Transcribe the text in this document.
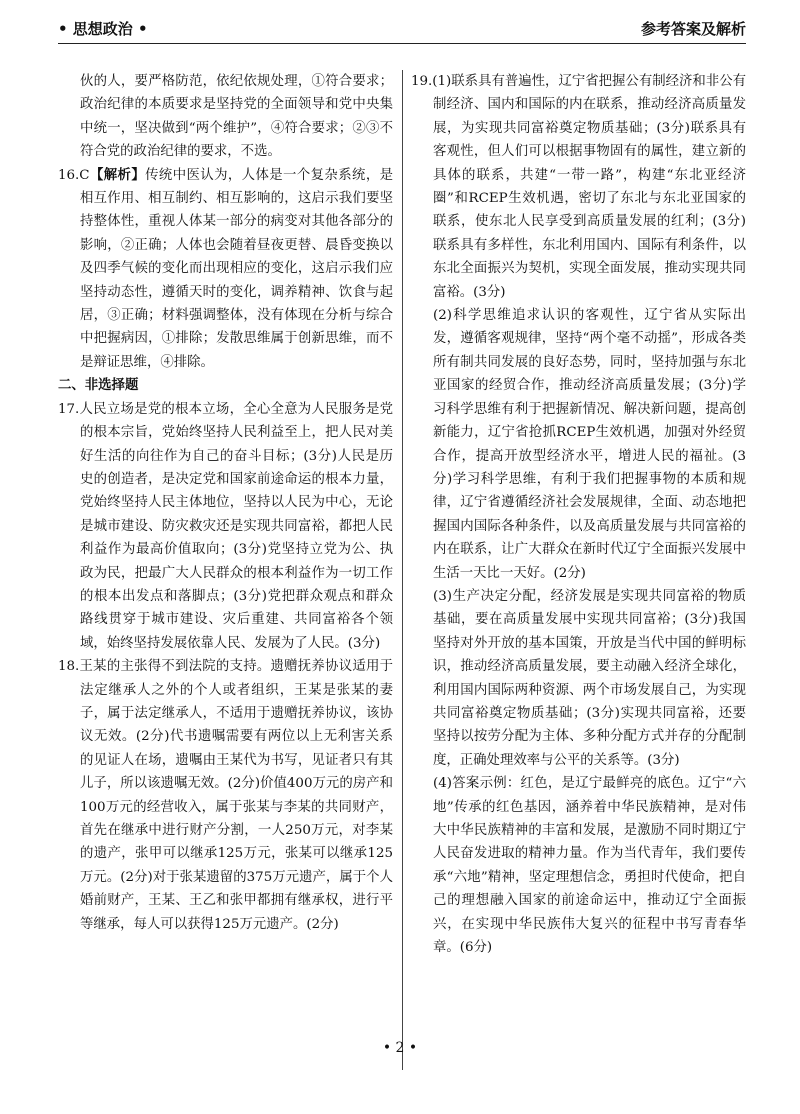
• 思想政治 •	参考答案及解析

伙的人，要严格防范，依纪依规处理，①符合要求；政治纪律的本质要求是坚持党的全面领导和党中央集中统一，坚决做到“两个维护”，④符合要求；②③不符合党的政治纪律的要求，不选。

16.C【解析】传统中医认为，人体是一个复杂系统，是相互作用、相互制约、相互影响的，这启示我们要坚持整体性，重视人体某一部分的病变对其他各部分的影响，②正确；人体也会随着昼夜更替、晨昏变换以及四季气候的变化而出现相应的变化，这启示我们应坚持动态性，遵循天时的变化，调养精神、饮食与起居，③正确；材料强调整体，没有体现在分析与综合中把握病因，①排除；发散思维属于创新思维，而不是辩证思维，④排除。

二、非选择题

17.人民立场是党的根本立场，全心全意为人民服务是党的根本宗旨，党始终坚持人民利益至上，把人民对美好生活的向往作为自己的奋斗目标；(3分)人民是历史的创造者，是决定党和国家前途命运的根本力量，党始终坚持人民主体地位，坚持以人民为中心，无论是城市建设、防灾救灾还是实现共同富裕，都把人民利益作为最高价值取向；(3分)党坚持立党为公、执政为民，把最广大人民群众的根本利益作为一切工作的根本出发点和落脚点；(3分)党把群众观点和群众路线贯穿于城市建设、灾后重建、共同富裕各个领域，始终坚持发展依靠人民、发展为了人民。(3分)

18.王某的主张得不到法院的支持。遗赠抚养协议适用于法定继承人之外的个人或者组织，王某是张某的妻子，属于法定继承人，不适用于遗赠抚养协议，该协议无效。(2分)代书遗嘱需要有两位以上无利害关系的见证人在场，遗嘱由王某代为书写，见证者只有其儿子，所以该遗嘱无效。(2分)价值400万元的房产和100万元的经营收入，属于张某与李某的共同财产，首先在继承中进行财产分割，一人250万元，对李某的遗产，张甲可以继承125万元，张某可以继承125万元。(2分)对于张某遗留的375万元遗产，属于个人婚前财产，王某、王乙和张甲都拥有继承权，进行平等继承，每人可以获得125万元遗产。(2分)

19.(1)联系具有普遍性，辽宁省把握公有制经济和非公有制经济、国内和国际的内在联系，推动经济高质量发展，为实现共同富裕奠定物质基础；(3分)联系具有客观性，但人们可以根据事物固有的属性，建立新的具体的联系，共建“一带一路”，构建“东北亚经济圈”和RCEP生效机遇，密切了东北与东北亚国家的联系，使东北人民享受到高质量发展的红利；(3分)联系具有多样性，东北利用国内、国际有利条件，以东北全面振兴为契机，实现全面发展，推动实现共同富裕。(3分)

(2)科学思维追求认识的客观性，辽宁省从实际出发，遵循客观规律，坚持“两个毫不动摇”，形成各类所有制共同发展的良好态势，同时，坚持加强与东北亚国家的经贸合作，推动经济高质量发展；(3分)学习科学思维有利于把握新情况、解决新问题，提高创新能力，辽宁省抢抓RCEP生效机遇，加强对外经贸合作，提高开放型经济水平，增进人民的福祉。(3分)学习科学思维，有利于我们把握事物的本质和规律，辽宁省遵循经济社会发展规律，全面、动态地把握国内国际各种条件，以及高质量发展与共同富裕的内在联系，让广大群众在新时代辽宁全面振兴发展中生活一天比一天好。(2分)

(3)生产决定分配，经济发展是实现共同富裕的物质基础，要在高质量发展中实现共同富裕；(3分)我国坚持对外开放的基本国策，开放是当代中国的鲜明标识，推动经济高质量发展，要主动融入经济全球化，利用国内国际两种资源、两个市场发展自己，为实现共同富裕奠定物质基础；(3分)实现共同富裕，还要坚持以按劳分配为主体、多种分配方式并存的分配制度，正确处理效率与公平的关系等。(3分)

(4)答案示例：红色，是辽宁最鲜亮的底色。辽宁“六地”传承的红色基因，涵养着中华民族精神，是对伟大中华民族精神的丰富和发展，是激励不同时期辽宁人民奋发进取的精神力量。作为当代青年，我们要传承“六地”精神，坚定理想信念，勇担时代使命，把自己的理想融入国家的前途命运中，推动辽宁全面振兴，在实现中华民族伟大复兴的征程中书写青春华章。(6分)

• 2 •
